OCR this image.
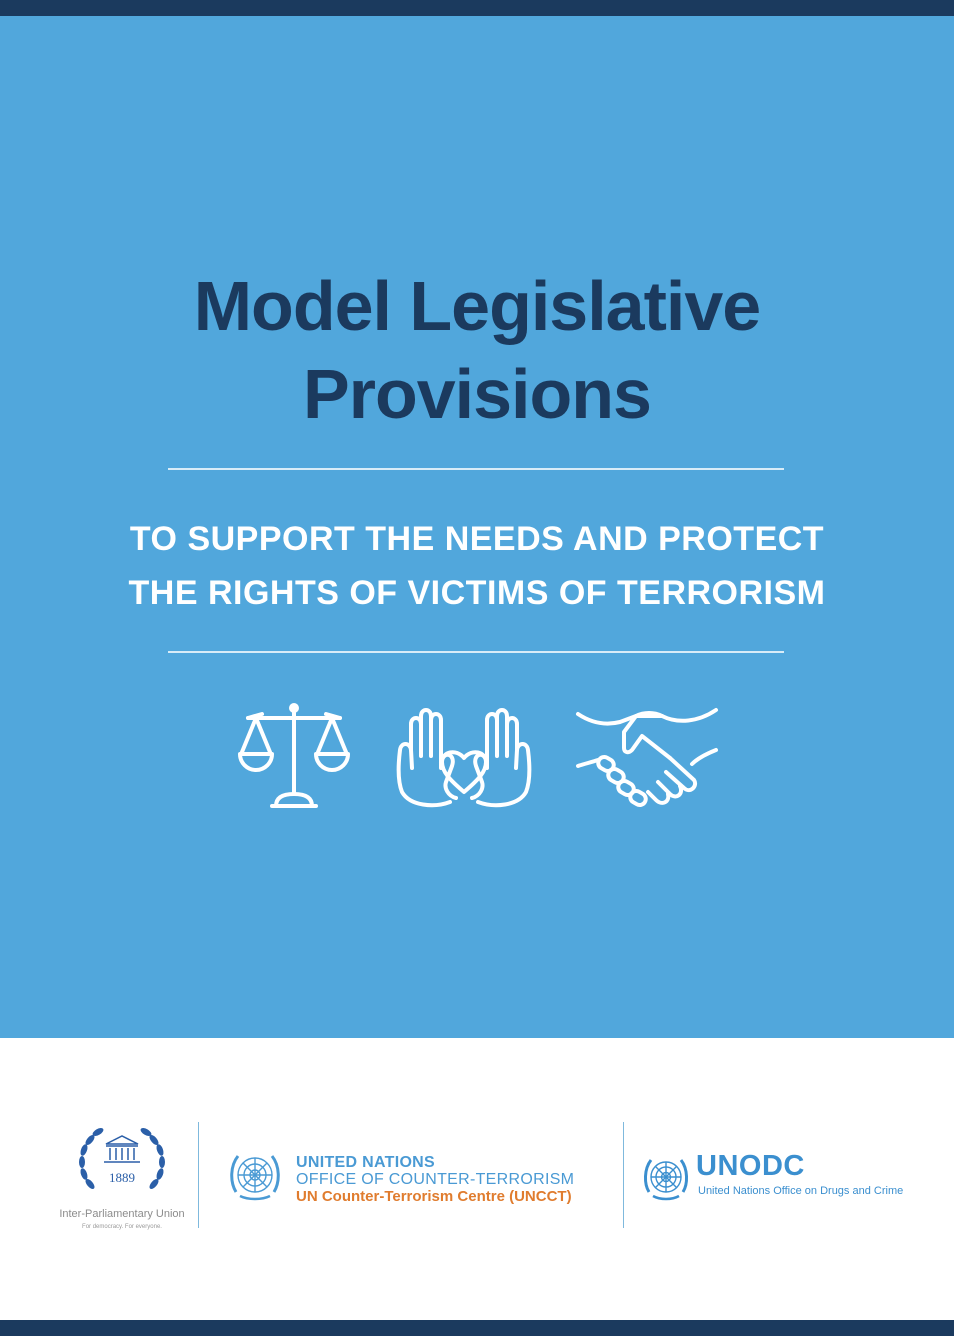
Model Legislative
Provisions
TO SUPPORT THE NEEDS AND PROTECT
THE RIGHTS OF VICTIMS OF TERRORISM
1889
Inter-Parliamentary Union
For democracy. For everyone.
UNITED NATIONS
OFFICE OF COUNTER-TERRORISM
UN Counter-Terrorism Centre (UNCCT)
UNODC
United Nations Office on Drugs and Crime
